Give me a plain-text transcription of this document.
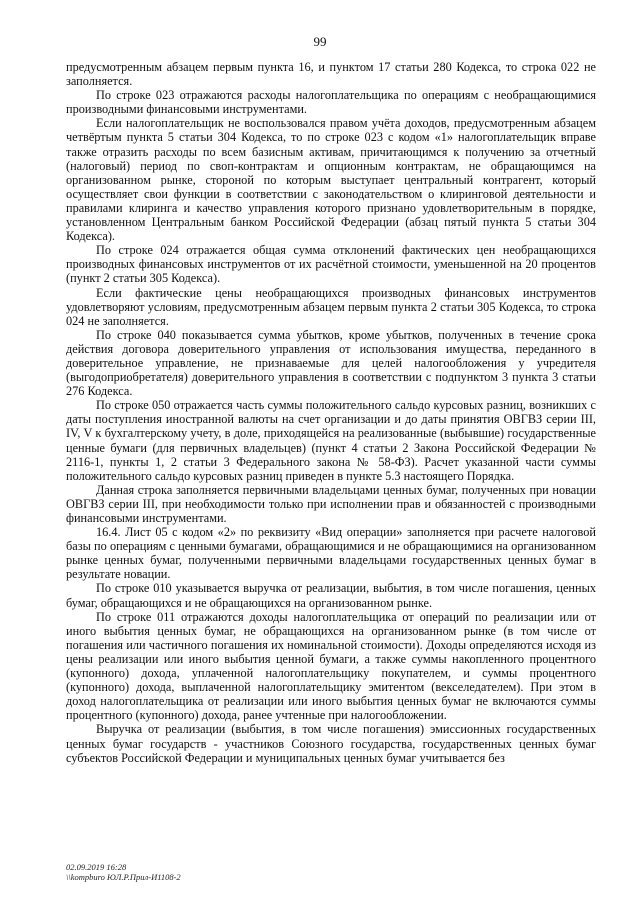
99

предусмотренным абзацем первым пункта 16, и пунктом 17 статьи 280 Кодекса, то строка 022 не заполняется.

По строке 023 отражаются расходы налогоплательщика по операциям с необращающимися производными финансовыми инструментами.

Если налогоплательщик не воспользовался правом учёта доходов, предусмотренным абзацем четвёртым пункта 5 статьи 304 Кодекса, то по строке 023 с кодом «1» налогоплательщик вправе также отразить расходы по всем базисным активам, причитающимся к получению за отчетный (налоговый) период по своп-контрактам и опционным контрактам, не обращающимся на организованном рынке, стороной по которым выступает центральный контрагент, который осуществляет свои функции в соответствии с законодательством о клиринговой деятельности и правилами клиринга и качество управления которого признано удовлетворительным в порядке, установленном Центральным банком Российской Федерации (абзац пятый пункта 5 статьи 304 Кодекса).

По строке 024 отражается общая сумма отклонений фактических цен необращающихся производных финансовых инструментов от их расчётной стоимости, уменьшенной на 20 процентов (пункт 2 статьи 305 Кодекса).

Если фактические цены необращающихся производных финансовых инструментов удовлетворяют условиям, предусмотренным абзацем первым пункта 2 статьи 305 Кодекса, то строка 024 не заполняется.

По строке 040 показывается сумма убытков, кроме убытков, полученных в течение срока действия договора доверительного управления от использования имущества, переданного в доверительное управление, не признаваемые для целей налогообложения у учредителя (выгодоприобретателя) доверительного управления в соответствии с подпунктом 3 пункта 3 статьи 276 Кодекса.

По строке 050 отражается часть суммы положительного сальдо курсовых разниц, возникших с даты поступления иностранной валюты на счет организации и до даты принятия ОВГВЗ серии III, IV, V к бухгалтерскому учету, в доле, приходящейся на реализованные (выбывшие) государственные ценные бумаги (для первичных владельцев) (пункт 4 статьи 2 Закона Российской Федерации № 2116-1, пункты 1, 2 статьи 3 Федерального закона № 58-ФЗ). Расчет указанной части суммы положительного сальдо курсовых разниц приведен в пункте 5.3 настоящего Порядка.

Данная строка заполняется первичными владельцами ценных бумаг, полученных при новации ОВГВЗ серии III, при необходимости только при исполнении прав и обязанностей с производными финансовыми инструментами.

16.4. Лист 05 с кодом «2» по реквизиту «Вид операции» заполняется при расчете налоговой базы по операциям с ценными бумагами, обращающимися и не обращающимися на организованном рынке ценных бумаг, полученными первичными владельцами государственных ценных бумаг в результате новации.

По строке 010 указывается выручка от реализации, выбытия, в том числе погашения, ценных бумаг, обращающихся и не обращающихся на организованном рынке.

По строке 011 отражаются доходы налогоплательщика от операций по реализации или от иного выбытия ценных бумаг, не обращающихся на организованном рынке (в том числе от погашения или частичного погашения их номинальной стоимости). Доходы определяются исходя из цены реализации или иного выбытия ценной бумаги, а также суммы накопленного процентного (купонного) дохода, уплаченной налогоплательщику покупателем, и суммы процентного (купонного) дохода, выплаченной налогоплательщику эмитентом (векселедателем). При этом в доход налогоплательщика от реализации или иного выбытия ценных бумаг не включаются суммы процентного (купонного) дохода, ранее учтенные при налогообложении.

Выручка от реализации (выбытия, в том числе погашения) эмиссионных государственных ценных бумаг государств - участников Союзного государства, государственных ценных бумаг субъектов Российской Федерации и муниципальных ценных бумаг учитывается без

02.09.2019 16:28
\\kompburo ЮЛ.Р.Прил-И1108-2
